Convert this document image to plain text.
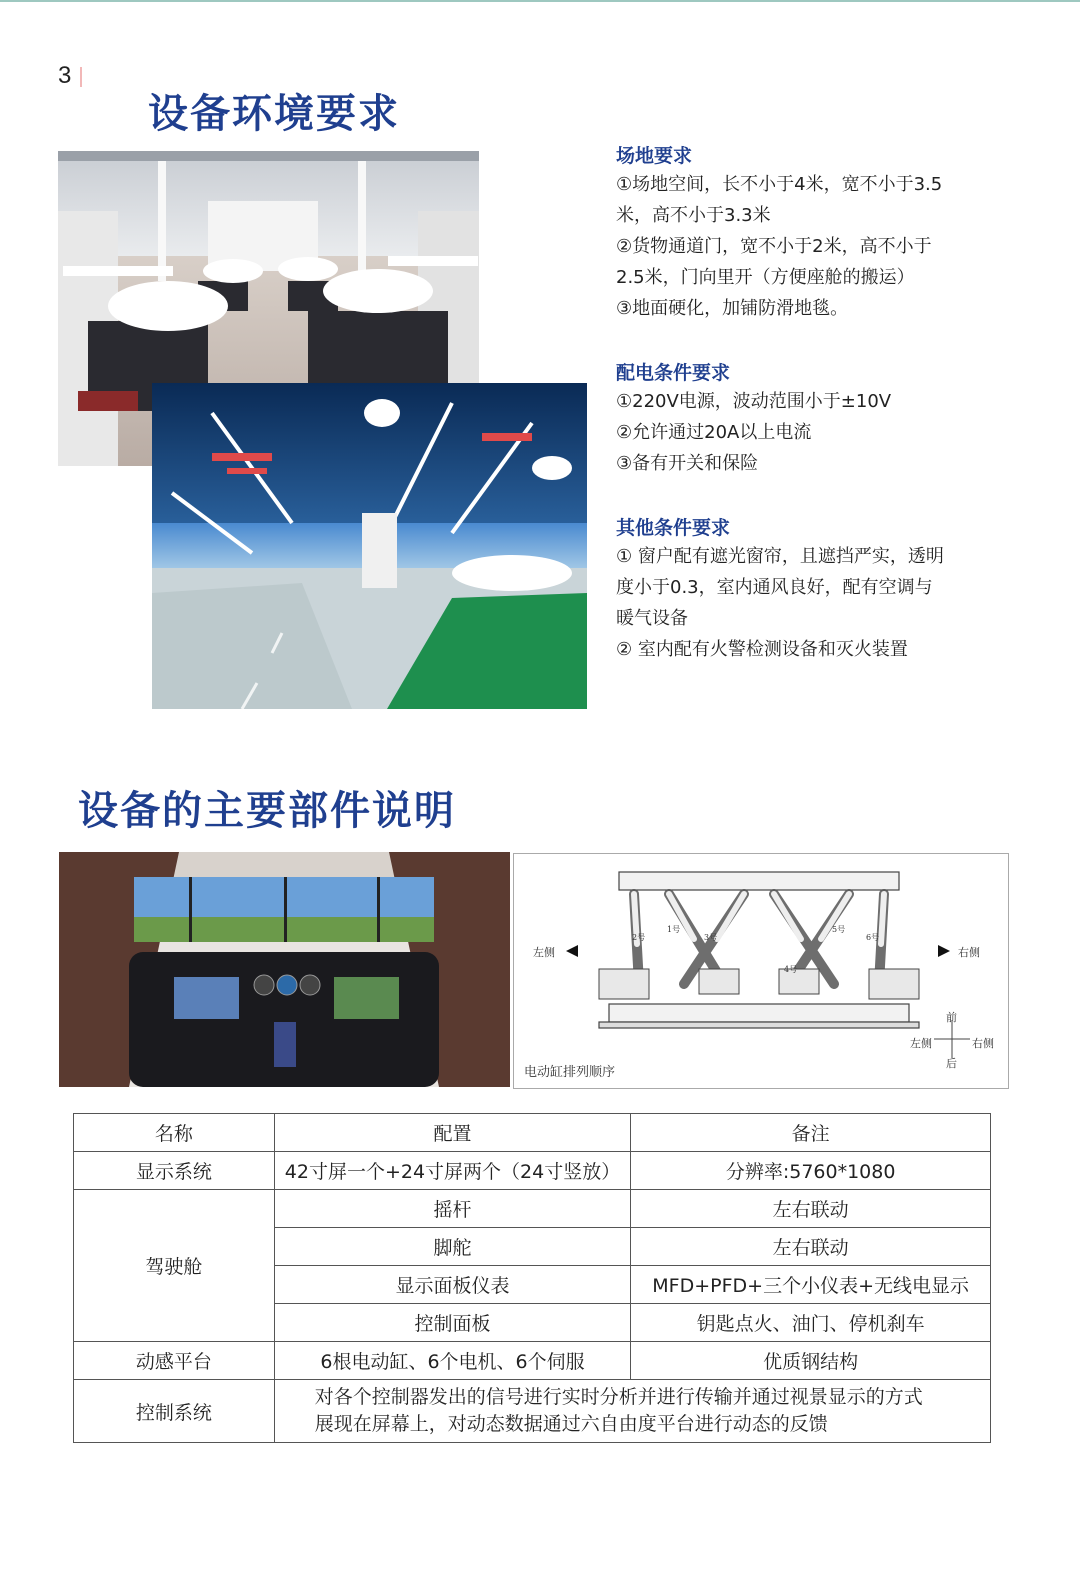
3
设备环境要求
场地要求
①场地空间，长不小于4米，宽不小于3.5
米，高不小于3.3米
②货物通道门，宽不小于2米，高不小于
2.5米，门向里开（方便座舱的搬运）
③地面硬化，加铺防滑地毯。
配电条件要求
①220V电源，波动范围小于±10V
②允许通过20A以上电流
③备有开关和保险
其他条件要求
① 窗户配有遮光窗帘，且遮挡严实，透明
度小于0.3，室内通风良好，配有空调与
暖气设备
② 室内配有火警检测设备和灭火装置
设备的主要部件说明
左侧	右侧
前
后
左侧	右侧
2号
1号
3号
4号
5号
6号
电动缸排列顺序
名称	配置	备注
显示系统	42寸屏一个+24寸屏两个（24寸竖放）	分辨率:5760*1080
驾驶舱	摇杆	左右联动
	脚舵	左右联动
	显示面板仪表	MFD+PFD+三个小仪表+无线电显示
	控制面板	钥匙点火、油门、停机刹车
动感平台	6根电动缸、6个电机、6个伺服	优质钢结构
控制系统	对各个控制器发出的信号进行实时分析并进行传输并通过视景显示的方式
展现在屏幕上，对动态数据通过六自由度平台进行动态的反馈	
